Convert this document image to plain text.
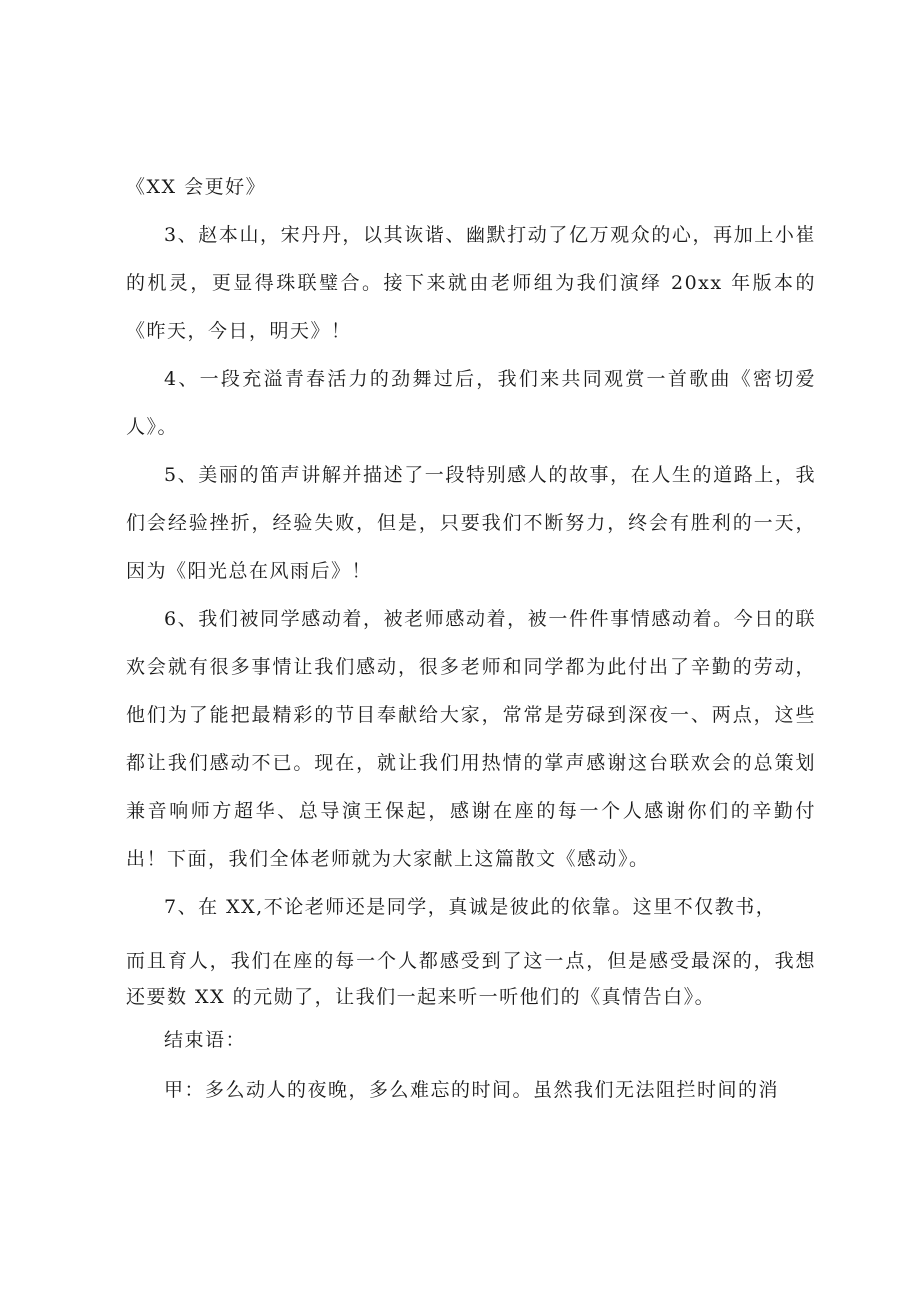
《XX 会更好》

3、赵本山，宋丹丹，以其诙谐、幽默打动了亿万观众的心，再加上小崔的机灵，更显得珠联璧合。接下来就由老师组为我们演绎 20xx 年版本的《昨天，今日，明天》！

4、一段充溢青春活力的劲舞过后，我们来共同观赏一首歌曲《密切爱人》。

5、美丽的笛声讲解并描述了一段特别感人的故事，在人生的道路上，我们会经验挫折，经验失败，但是，只要我们不断努力，终会有胜利的一天，因为《阳光总在风雨后》！

6、我们被同学感动着，被老师感动着，被一件件事情感动着。今日的联欢会就有很多事情让我们感动，很多老师和同学都为此付出了辛勤的劳动，他们为了能把最精彩的节目奉献给大家，常常是劳碌到深夜一、两点，这些都让我们感动不已。现在，就让我们用热情的掌声感谢这台联欢会的总策划兼音响师方超华、总导演王保起，感谢在座的每一个人感谢你们的辛勤付出！下面，我们全体老师就为大家献上这篇散文《感动》。

7、在 XX,不论老师还是同学，真诚是彼此的依靠。这里不仅教书，

而且育人，我们在座的每一个人都感受到了这一点，但是感受最深的，我想还要数 XX 的元勋了，让我们一起来听一听他们的《真情告白》。

结束语：

甲：多么动人的夜晚，多么难忘的时间。虽然我们无法阻拦时间的消
